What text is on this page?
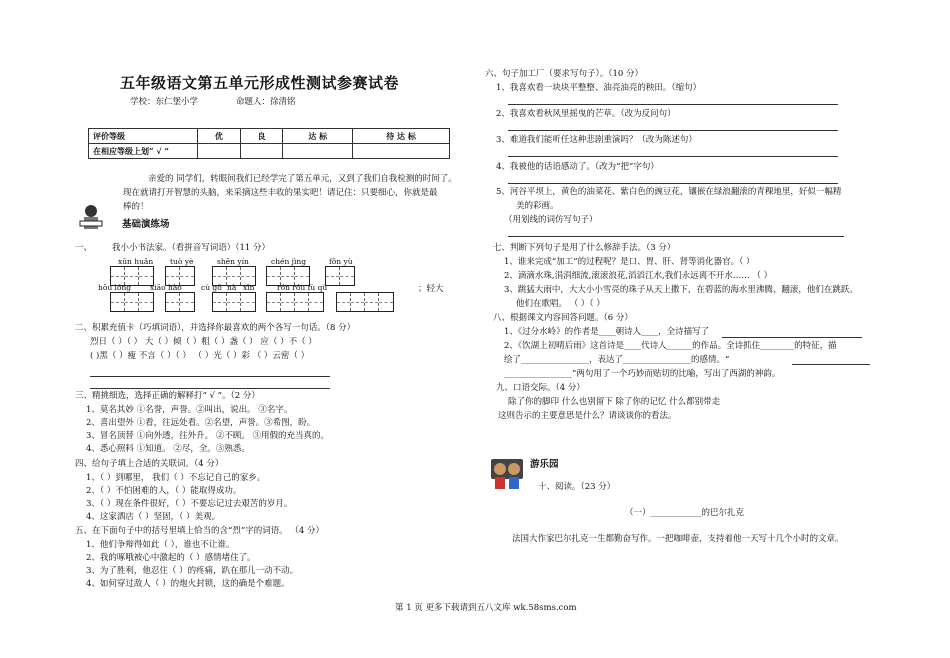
五年级语文第五单元形成性测试参赛试卷
学校：东仁堡小学	命题人：徐清铭
评价等级	优	良	达 标	待 达 标
在相应等级上划“ √ ”				
亲爱的 同学们，转眼间我们已经学完了第五单元，又到了我们自我检测的时间了。
现在就请打开智慧的头脑，来采摘这些丰收的果实吧！请记住：只要细心，你就是最
棒的！
基础演练场
一、 我小小书法家。（看拼音写词语）（11 分）
xūn huǎn tuò yè	shēn yín	chén jìng	fǒn yù
hōu lóng	xiāo hào	cù gǒ nà xīn	rón róu fù qù	；轻大
二、积累充值卡（巧填词语），并选择你最喜欢的两个各写一句话。（8 分）
烈日（ ）（ ） 大（ ）倾（ ）粗（ ）盏（ ） 应（ ）不（ ）
( )黑（ ）瘦 不言（ ）（ ） （ ）光（ ）彩 （ ）云密（ ）
三、精挑细选，选择正确的解释打“ √ ”。（2 分）
1、莫名其妙 ①名誉，声誉。②叫出，说出。 ③名字。
2、喜出望外 ①看，往远处看。②名望，声誉。③希图，盼。
3、冒名顶替 ①向外透，往外升。 ②不顾。 ③用假的充当真的。
4、悉心照料 ①知道。 ②尽，全。③熟悉。
四、给句子填上合适的关联词。（4 分）
1、（ ）到哪里， 我们（ ）不忘记自己的家乡。
2、（ ）不怕困难的人，（ ）能取得成功。
3、（ ）现在条件很好，（ ）不要忘记过去艰苦的岁月。
4、这家酒店（ ）坚固，（ ）美观。
五、在下面句子中的括号里填上恰当的含“烈”字的词语。 （4 分）
1、他们争辩得如此（ ），谁也不让谁。
2、我的啄哦被心中激起的（ ）感情堵住了。
3、为了胜利，他忍住（ ）的疼痛，趴在那儿一动不动。
4、如何穿过敌人（ ）的炮火封锁，这的确是个难题。
六、句子加工厂（要求写句子）。（10 分）
1、我喜欢看一块块平整整、油亮油亮的秧田。（缩句）
2、我喜欢看秋风里摇曳的芒草。（改为反问句）
3、难道我们能听任这种悲剧重演吗？（改为陈述句）
4、我被他的话语感动了。（改为“把”字句）
5、河谷平坝上，黄色的油菜花、紫白色的豌豆花，镶嵌在绿浪翻滚的青稞地里，好似一幅精
美的彩画。
（用划线的词仿写句子）
七、判断下列句子是用了什么修辞手法。（3 分）
1、谁来完成“加工”的过程呢？是口、胃、肝、肾等消化器官。（ ）
2、滴滴水珠,涓涓细流,滚滚浪花,滔滔江水,我们永远离不开水…… （ ）
3、跳猛大雨中，大大小小雪亮的珠子从天上撒下，在碧蓝的海水里沸腾、翻滚，他们在跳跃。
他们在歌唱。 （ ）（ ）
八、根据课文内容回答问题。（6 分）
1、《过分水岭》的作者是____朝诗人____，全诗描写了
2、《饮湖上初晴后雨》这首诗是____代诗人______的作品。全诗抓住________的特征，描
绘了________________，表达了________________的感情。“
________________”两句用了一个巧妙而贴切的比喻，写出了西湖的神韵。
九、口语交际。（4 分）
除了你的脚印 什么也别留下 除了你的记忆 什么都别带走
这则告示的主要意思是什么？请谈谈你的看法。
游乐园
十、阅读。（23 分）
（一）____________的巴尔扎克
法国大作家巴尔扎克一生都勤奋写作。一把咖啡壶，支持着他一天写十几个小时的文章。
第 1 页 更多下载请到五八文库 wk.58sms.com
